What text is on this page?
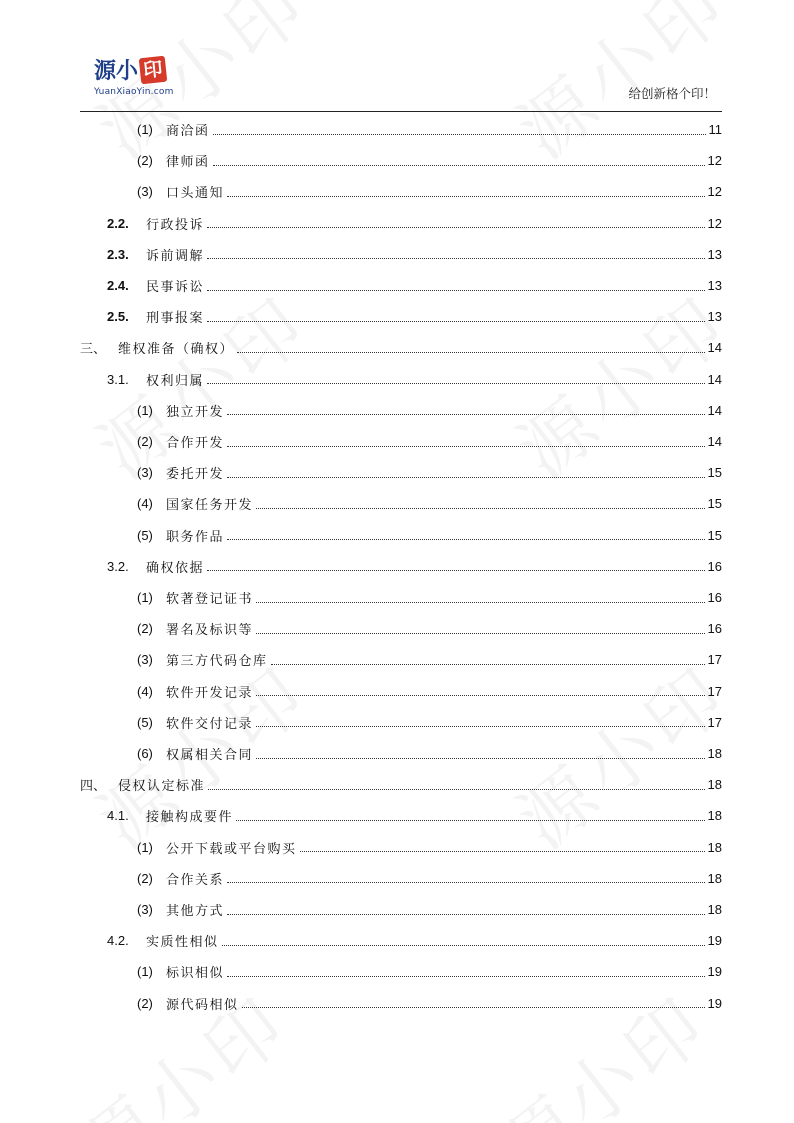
源小 印
YuanXiaoYin.com	给创新格个印！
(1)	商洽函	11
(2)	律师函	12
(3)	口头通知	12
2.2.	行政投诉	12
2.3.	诉前调解	13
2.4.	民事诉讼	13
2.5.	刑事报案	13
三、 维权准备（确权）	14
3.1.	权利归属	14
(1)	独立开发	14
(2)	合作开发	14
(3)	委托开发	15
(4)	国家任务开发	15
(5)	职务作品	15
3.2.	确权依据	16
(1)	软著登记证书	16
(2)	署名及标识等	16
(3)	第三方代码仓库	17
(4)	软件开发记录	17
(5)	软件交付记录	17
(6)	权属相关合同	18
四、 侵权认定标准	18
4.1.	接触构成要件	18
(1)	公开下载或平台购买	18
(2)	合作关系	18
(3)	其他方式	18
4.2.	实质性相似	19
(1)	标识相似	19
(2)	源代码相似	19
